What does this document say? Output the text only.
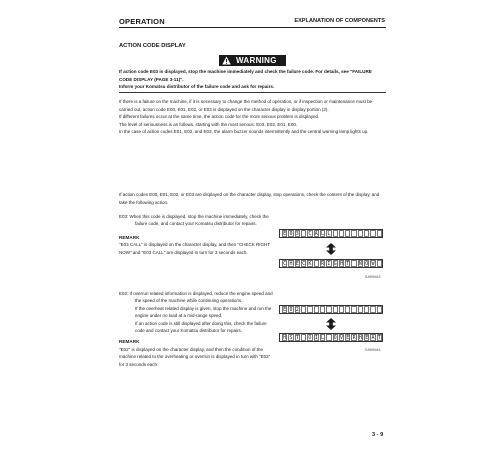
OPERATION	EXPLANATION OF COMPONENTS
ACTION CODE DISPLAY
WARNING
If action code E03 is displayed, stop the machine immediately and check the failure code. For details, see "FAILURE CODE DISPLAY (PAGE 3-11)".
Inform your Komatsu distributor of the failure code and ask for repairs.
If there is a failure on the machine, if it is necessary to change the method of operation, or if inspection or maintenance must be carried out, action code E00, E01, E02, or E03 is displayed on the character display in display portion (2).
If different failures occur at the same time, the action code for the more serious problem is displayed.
The level of seriousness is as follows, starting with the most serious: E03, E02, E01, E00.
In the case of action codes E01, E02, and E03, the alarm buzzer sounds intermittently and the central warning lamp lights up.
If action codes E00, E01, E02, or E03 are displayed on the character display, stop operations, check the content of the display, and take the following action.
E03: When this code is displayed, stop the machine immediately, check the failure code, and contact your Komatsu distributor for repairs.
REMARK
"E03 CALL" is displayed on the character display, and then "CHECK RIGHT NOW" and "E03 CALL" are displayed in turn for 3 seconds each.
E 0 3 C A L L
C H E C K R I G H T N O W
9JH09443
E02: If overrun related information is displayed, reduce the engine speed and the speed of the machine while continuing operations.
If the overheat related display is given, stop the machine and run the engine under no load at a mid-range speed.
If an action code is still displayed after doing this, check the failure code and contact your Komatsu distributor for repairs.
REMARK
"E02" is displayed on the character display, and then the condition of the machine related to the overheating or overrun is displayed in turn with "E02" for 3 seconds each.
E 0 2
H S T O I L O V E R H E A T
9JH09444
3 - 9
